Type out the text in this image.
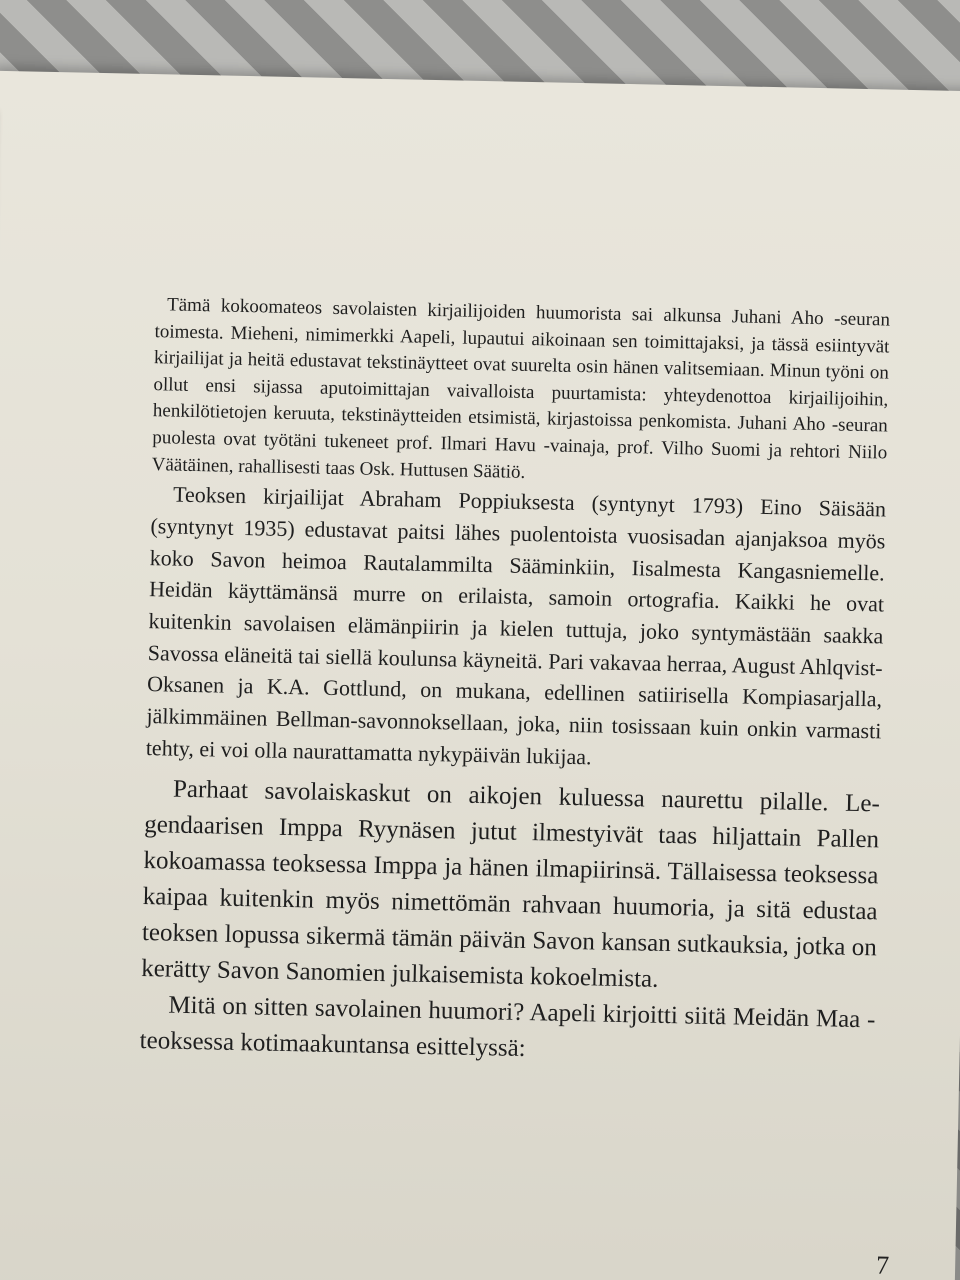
Tämä kokoomateos savolaisten kirjailijoiden huumorista sai alkunsa Juhani Aho -seuran toimesta. Mieheni, nimimerkki Aapeli, lupautui aikoinaan sen toimittajaksi, ja tässä esiintyvät kirjailijat ja heitä edustavat tekstinäytteet ovat suurelta osin hänen valitsemiaan. Minun työni on ollut ensi sijassa aputoimittajan vaivalloista puurtamista: yhteydenottoa kirjailijoihin, henkilötietojen keruuta, tekstinäytteiden etsimistä, kirjastoissa penkomista. Juhani Aho -seuran puolesta ovat työtäni tukeneet prof. Ilmari Havu -vainaja, prof. Vilho Suomi ja rehtori Niilo Väätäinen, rahallisesti taas Osk. Huttusen Säätiö.

Teoksen kirjailijat Abraham Poppiuksesta (syntynyt 1793) Eino Säisään (syntynyt 1935) edustavat paitsi lähes puolentoista vuosisadan ajanjaksoa myös koko Savon heimoa Rautalammilta Sääminkiin, Iisalmesta Kangasniemelle. Heidän käyttämänsä murre on erilaista, samoin ortografia. Kaikki he ovat kuitenkin savolaisen elämänpiirin ja kielen tuttuja, joko syntymästään saakka Savossa eläneitä tai siellä koulunsa käyneitä. Pari vakavaa herraa, August Ahlqvist-Oksanen ja K.A. Gottlund, on mukana, edellinen satiirisella Kompiasarjalla, jälkimmäinen Bellman-savonnoksellaan, joka, niin tosissaan kuin onkin varmasti tehty, ei voi olla naurattamatta nykypäivän lukijaa.

Parhaat savolaiskaskut on aikojen kuluessa naurettu pilalle. Legendaarisen Imppa Ryynäsen jutut ilmestyivät taas hiljattain Pallen kokoamassa teoksessa Imppa ja hänen ilmapiirinsä. Tällaisessa teoksessa kaipaa kuitenkin myös nimettömän rahvaan huumoria, ja sitä edustaa teoksen lopussa sikermä tämän päivän Savon kansan sutkauksia, jotka on kerätty Savon Sanomien julkaisemista kokoelmista.

Mitä on sitten savolainen huumori? Aapeli kirjoitti siitä Meidän Maa -teoksessa kotimaakuntansa esittelyssä:

7
